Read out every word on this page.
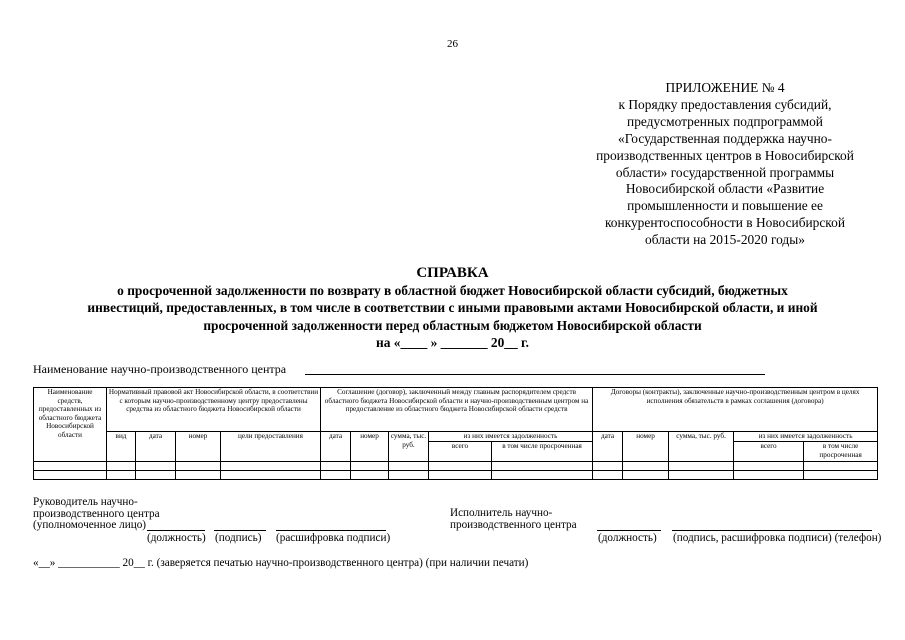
26
ПРИЛОЖЕНИЕ № 4
к Порядку предоставления субсидий,
предусмотренных подпрограммой
«Государственная поддержка научно-
производственных центров в Новосибирской
области» государственной программы
Новосибирской области «Развитие
промышленности и повышение ее
конкурентоспособности в Новосибирской
области на 2015-2020 годы»
СПРАВКА
о просроченной задолженности по возврату в областной бюджет Новосибирской области субсидий, бюджетных
инвестиций, предоставленных, в том числе в соответствии с иными правовыми актами Новосибирской области, и иной
просроченной задолженности перед областным бюджетом Новосибирской области
на «____ » _______ 20__ г.
Наименование научно-производственного центра
Наименование средств, предоставленных из областного бюджета Новосибирской области	Нормативный правовой акт Новосибирской области, в соответствии с которым научно-производственному центру предоставлены средства из областного бюджета Новосибирской области				Соглашение (договор), заключенный между главным распорядителем средств областного бюджета Новосибирской области и научно-производственным центром на предоставление из областного бюджета Новосибирской области средств					Договоры (контракты), заключенные научно-производственным центром в целях исполнения обязательств в рамках соглашения (договора)				
	вид	дата	номер	цели предоставления	дата	номер	сумма, тыс. руб.	из них имеется задолженность		дата	номер	сумма, тыс. руб.	из них имеется задолженность	
								всего	в том числе просроченная				всего	в том числе просроченная

Руководитель научно-
производственного центра
(уполномоченное лицо)
(должность) (подпись) (расшифровка подписи)
Исполнитель научно-
производственного центра
(должность) (подпись, расшифровка подписи) (телефон)
«__» ___________ 20__ г. (заверяется печатью научно-производственного центра) (при наличии печати)
